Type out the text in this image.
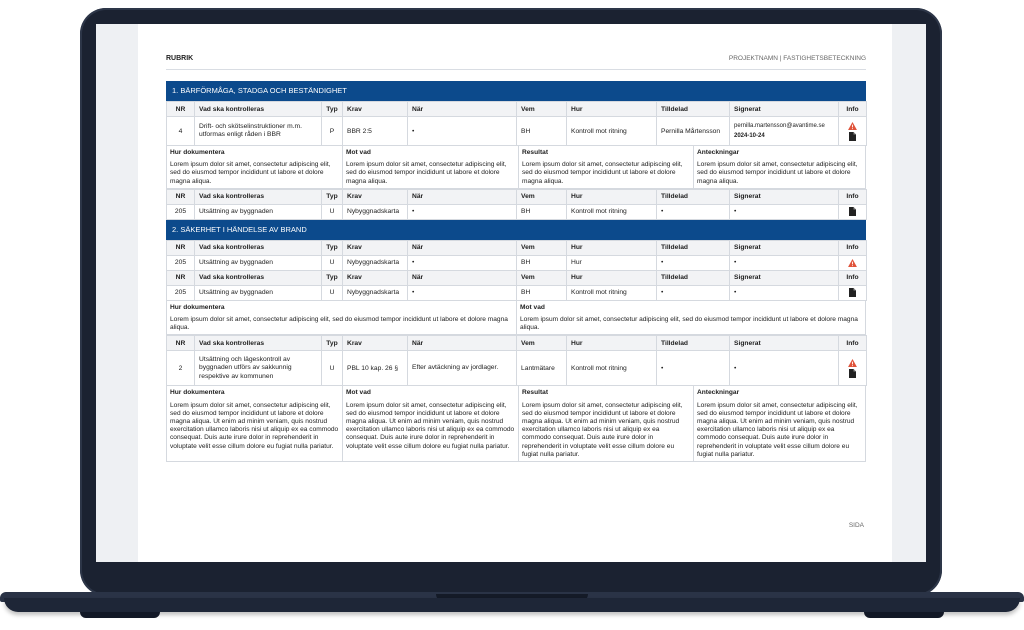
RUBRIK	PROJEKTNAMN | FASTIGHETSBETECKNING
1. BÄRFÖRMÅGA, STADGA OCH BESTÄNDIGHET
NR	Vad ska kontrolleras	Typ	Krav	När	Vem	Hur	Tilldelad	Signerat	Info
4	Drift- och skötselinstruktioner m.m. utformas enligt råden i BBR	P	BBR 2:5	•	BH	Kontroll mot ritning	Pernilla Mårtensson	pernilla.martensson@avantime.se
2024-10-24

Hur dokumentera
Lorem ipsum dolor sit amet, consectetur adipiscing elit, sed do eiusmod tempor incididunt ut labore et dolore magna aliqua.
Mot vad
Lorem ipsum dolor sit amet, consectetur adipiscing elit, sed do eiusmod tempor incididunt ut labore et dolore magna aliqua.
Resultat
Lorem ipsum dolor sit amet, consectetur adipiscing elit, sed do eiusmod tempor incididunt ut labore et dolore magna aliqua.
Anteckningar
Lorem ipsum dolor sit amet, consectetur adipiscing elit, sed do eiusmod tempor incididunt ut labore et dolore magna aliqua.
NR	Vad ska kontrolleras	Typ	Krav	När	Vem	Hur	Tilldelad	Signerat	Info
205	Utsättning av byggnaden	U	Nybyggnadskarta	•	BH	Kontroll mot ritning	•	•	
2. SÄKERHET I HÄNDELSE AV BRAND
NR	Vad ska kontrolleras	Typ	Krav	När	Vem	Hur	Tilldelad	Signerat	Info
205	Utsättning av byggnaden	U	Nybyggnadskarta	•	BH	Hur	•	•	

NR	Vad ska kontrolleras	Typ	Krav	När	Vem	Hur	Tilldelad	Signerat	Info
205	Utsättning av byggnaden	U	Nybyggnadskarta	•	BH	Kontroll mot ritning	•	•	
Hur dokumentera
Lorem ipsum dolor sit amet, consectetur adipiscing elit, sed do eiusmod tempor incididunt ut labore et dolore magna aliqua.
Mot vad
Lorem ipsum dolor sit amet, consectetur adipiscing elit, sed do eiusmod tempor incididunt ut labore et dolore magna aliqua.
NR	Vad ska kontrolleras	Typ	Krav	När	Vem	Hur	Tilldelad	Signerat	Info
2	Utsättning och lägeskontroll av byggnaden utförs av sakkunnig respektive av kommunen	U	PBL 10 kap. 26 §	Efter avtäckning av jordlager.	Lantmätare	Kontroll mot ritning	•	•	
Hur dokumentera
Lorem ipsum dolor sit amet, consectetur adipiscing elit, sed do eiusmod tempor incididunt ut labore et dolore magna aliqua. Ut enim ad minim veniam, quis nostrud exercitation ullamco laboris nisi ut aliquip ex ea commodo consequat. Duis aute irure dolor in reprehenderit in voluptate velit esse cillum dolore eu fugiat nulla pariatur.
Mot vad
Lorem ipsum dolor sit amet, consectetur adipiscing elit, sed do eiusmod tempor incididunt ut labore et dolore magna aliqua. Ut enim ad minim veniam, quis nostrud exercitation ullamco laboris nisi ut aliquip ex ea commodo consequat. Duis aute irure dolor in reprehenderit in voluptate velit esse cillum dolore eu fugiat nulla pariatur.
Resultat
Lorem ipsum dolor sit amet, consectetur adipiscing elit, sed do eiusmod tempor incididunt ut labore et dolore magna aliqua. Ut enim ad minim veniam, quis nostrud exercitation ullamco laboris nisi ut aliquip ex ea commodo consequat. Duis aute irure dolor in reprehenderit in voluptate velit esse cillum dolore eu fugiat nulla pariatur.
Anteckningar
Lorem ipsum dolor sit amet, consectetur adipiscing elit, sed do eiusmod tempor incididunt ut labore et dolore magna aliqua. Ut enim ad minim veniam, quis nostrud exercitation ullamco laboris nisi ut aliquip ex ea commodo consequat. Duis aute irure dolor in reprehenderit in voluptate velit esse cillum dolore eu fugiat nulla pariatur.
SIDA
